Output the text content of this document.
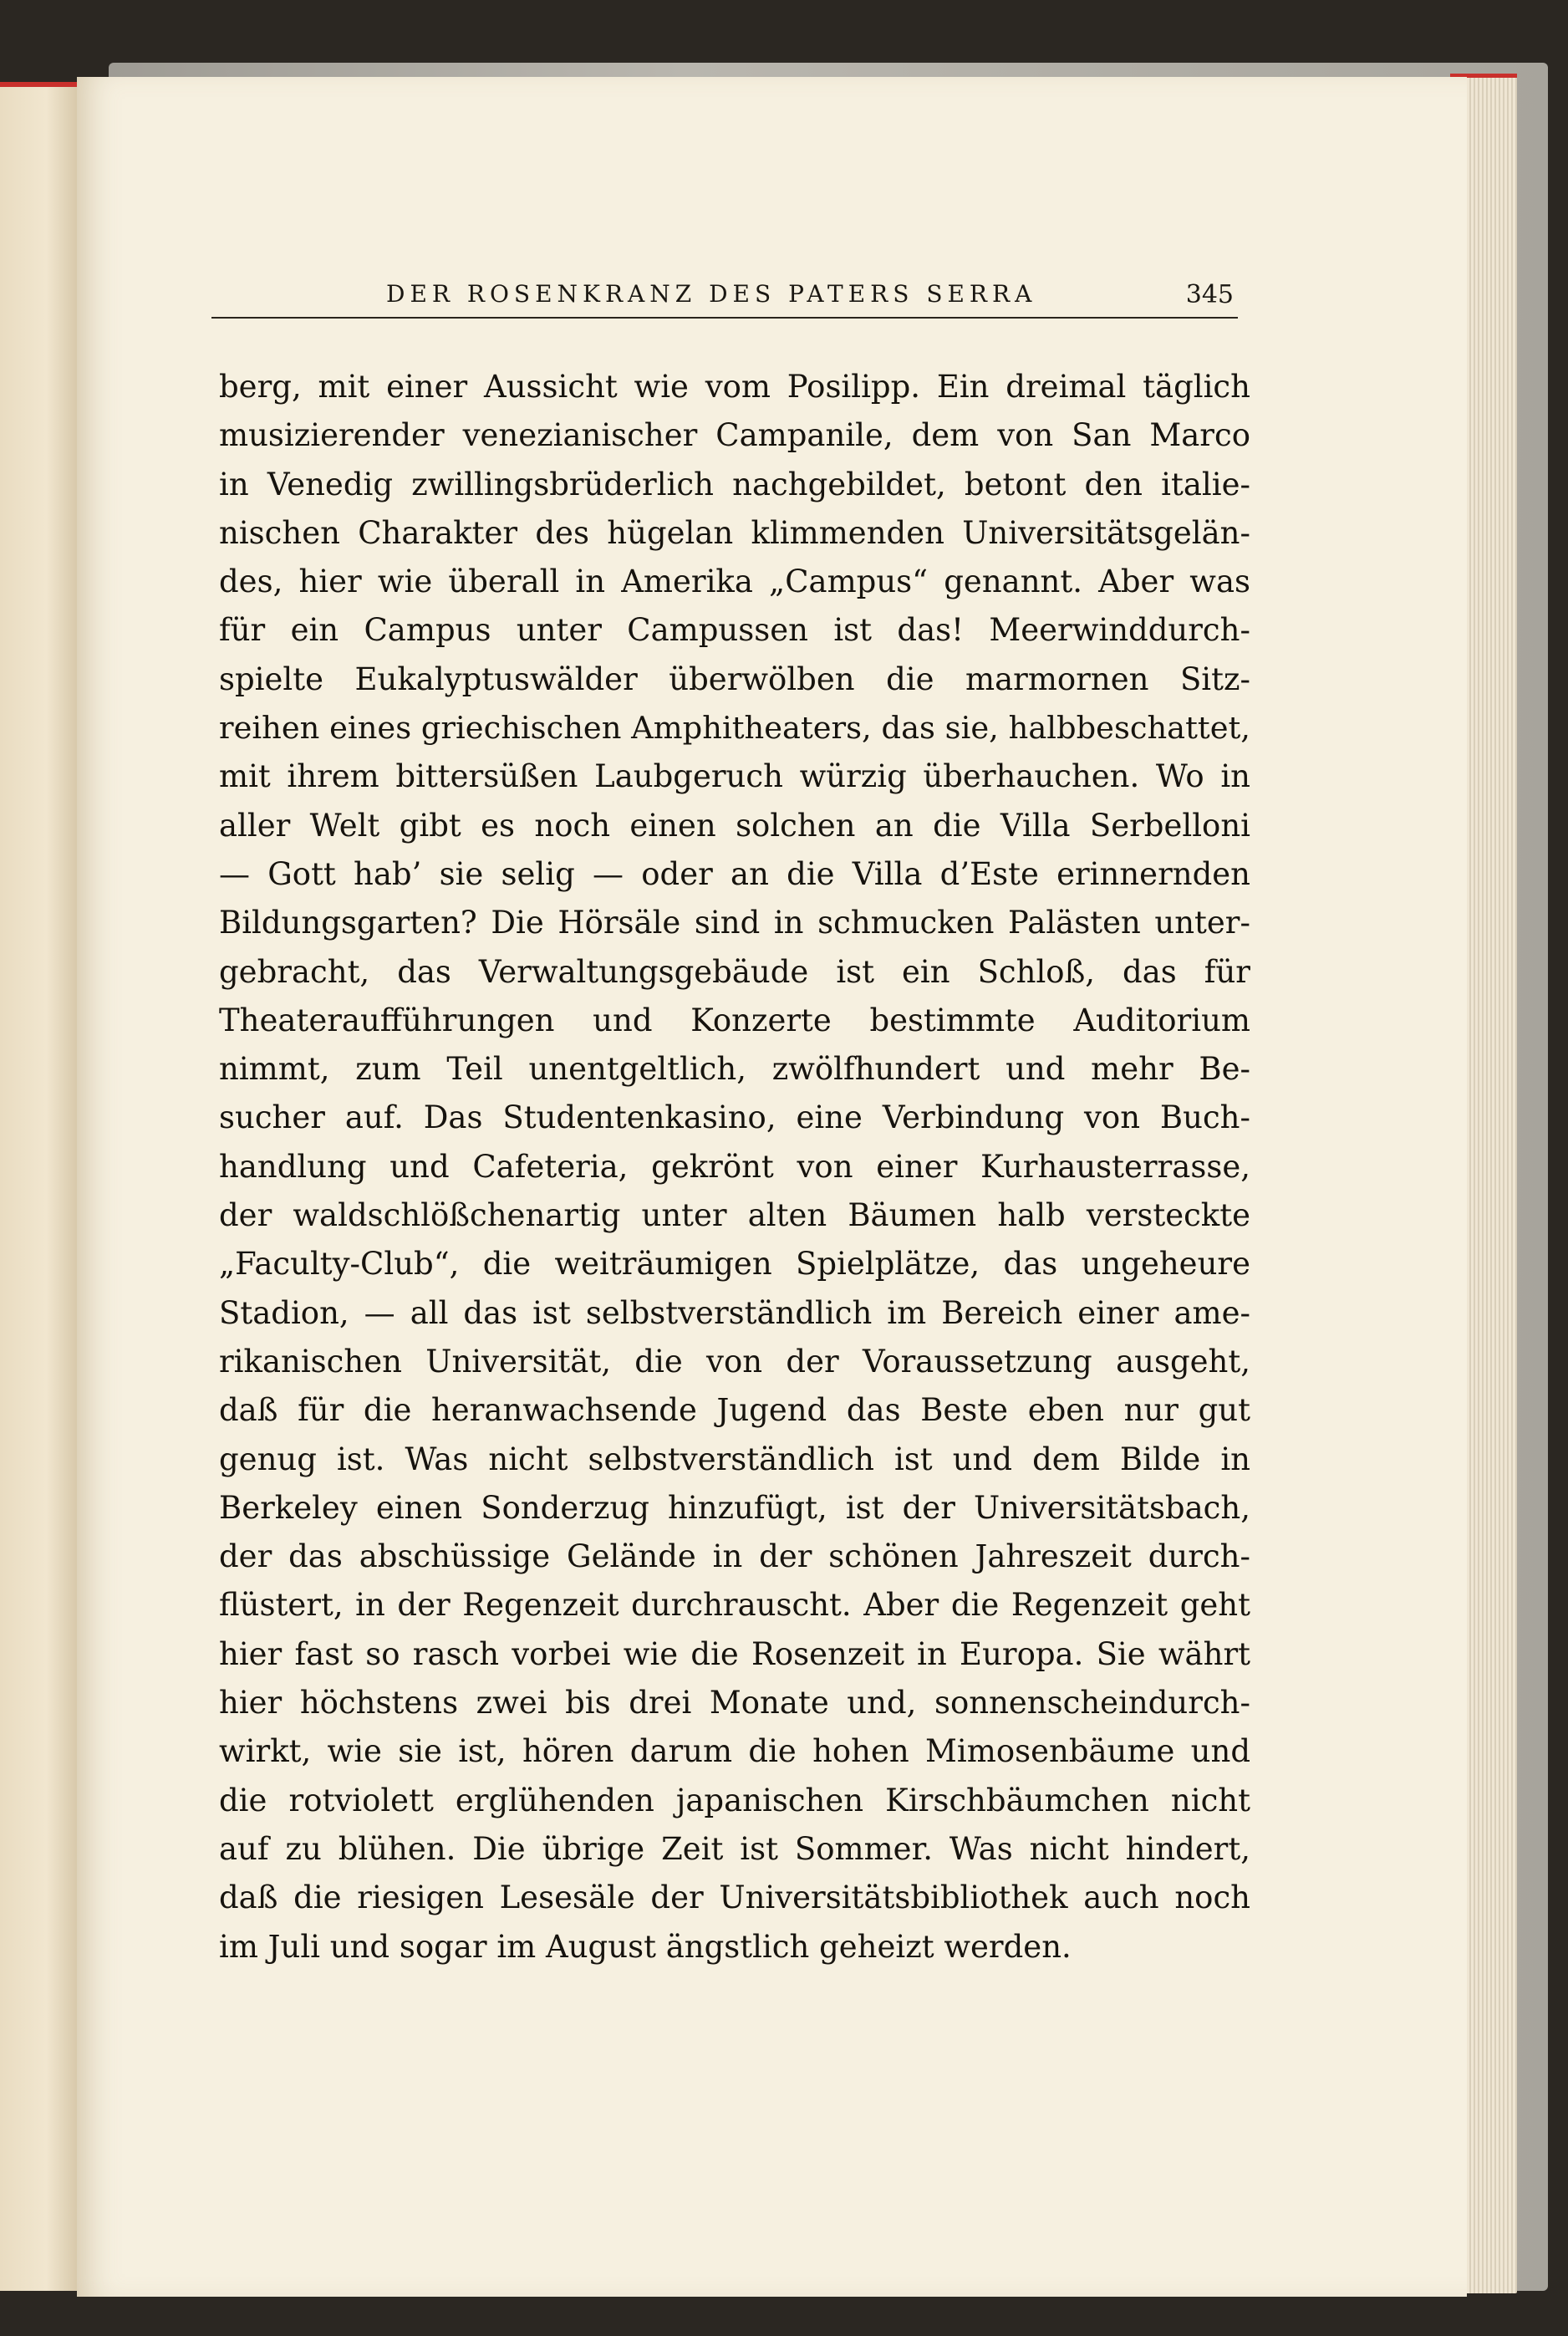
DER ROSENKRANZ DES PATERS SERRA	345
berg, mit einer Aussicht wie vom Posilipp. Ein dreimal täglich
musizierender venezianischer Campanile, dem von San Marco
in Venedig zwillingsbrüderlich nachgebildet, betont den italie-
nischen Charakter des hügelan klimmenden Universitätsgelän-
des, hier wie überall in Amerika „Campus“ genannt. Aber was
für ein Campus unter Campussen ist das! Meerwinddurch-
spielte Eukalyptuswälder überwölben die marmornen Sitz-
reihen eines griechischen Amphitheaters, das sie, halbbeschattet,
mit ihrem bittersüßen Laubgeruch würzig überhauchen. Wo in
aller Welt gibt es noch einen solchen an die Villa Serbelloni
— Gott hab’ sie selig — oder an die Villa d’Este erinnernden
Bildungsgarten? Die Hörsäle sind in schmucken Palästen unter-
gebracht, das Verwaltungsgebäude ist ein Schloß, das für
Theateraufführungen und Konzerte bestimmte Auditorium
nimmt, zum Teil unentgeltlich, zwölfhundert und mehr Be-
sucher auf. Das Studentenkasino, eine Verbindung von Buch-
handlung und Cafeteria, gekrönt von einer Kurhausterrasse,
der waldschlößchenartig unter alten Bäumen halb versteckte
„Faculty-Club“, die weiträumigen Spielplätze, das ungeheure
Stadion, — all das ist selbstverständlich im Bereich einer ame-
rikanischen Universität, die von der Voraussetzung ausgeht,
daß für die heranwachsende Jugend das Beste eben nur gut
genug ist. Was nicht selbstverständlich ist und dem Bilde in
Berkeley einen Sonderzug hinzufügt, ist der Universitätsbach,
der das abschüssige Gelände in der schönen Jahreszeit durch-
flüstert, in der Regenzeit durchrauscht. Aber die Regenzeit geht
hier fast so rasch vorbei wie die Rosenzeit in Europa. Sie währt
hier höchstens zwei bis drei Monate und, sonnenscheindurch-
wirkt, wie sie ist, hören darum die hohen Mimosenbäume und
die rotviolett erglühenden japanischen Kirschbäumchen nicht
auf zu blühen. Die übrige Zeit ist Sommer. Was nicht hindert,
daß die riesigen Lesesäle der Universitätsbibliothek auch noch
im Juli und sogar im August ängstlich geheizt werden.
